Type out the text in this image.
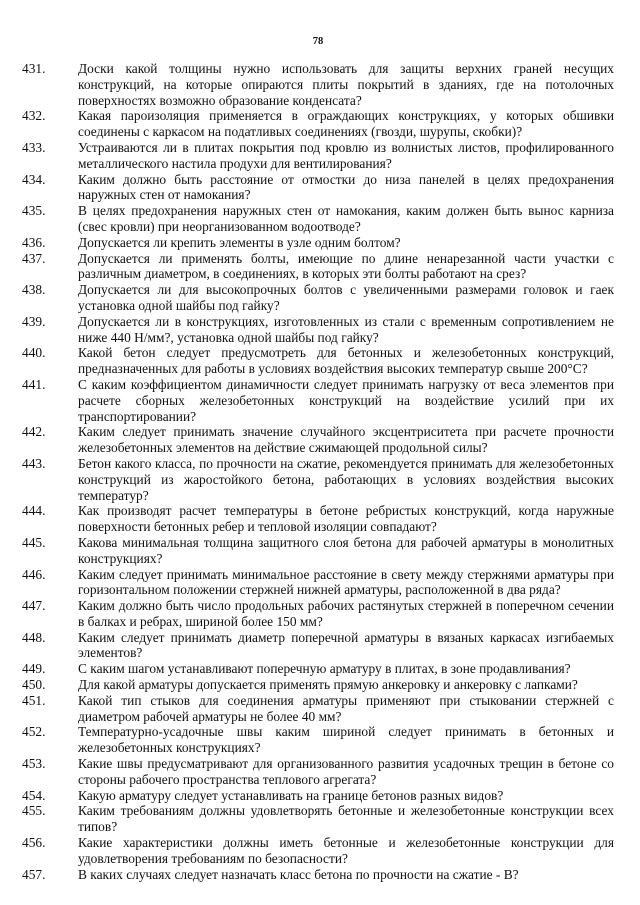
78
431.	Доски какой толщины нужно использовать для защиты верхних граней несущих конструкций, на которые опираются плиты покрытий в зданиях, где на потолочных поверхностях возможно образование конденсата?
432.	Какая пароизоляция применяется в ограждающих конструкциях, у которых обшивки соединены с каркасом на податливых соединениях (гвозди, шурупы, скобки)?
433.	Устраиваются ли в плитах покрытия под кровлю из волнистых листов, профилированного металлического настила продухи для вентилирования?
434.	Каким должно быть расстояние от отмостки до низа панелей в целях предохранения наружных стен от намокания?
435.	В целях предохранения наружных стен от намокания, каким должен быть вынос карниза (свес кровли) при неорганизованном водоотводе?
436.	Допускается ли крепить элементы в узле одним болтом?
437.	Допускается ли применять болты, имеющие по длине ненарезанной части участки с различным диаметром, в соединениях, в которых эти болты работают на срез?
438.	Допускается ли для высокопрочных болтов с увеличенными размерами головок и гаек установка одной шайбы под гайку?
439.	Допускается ли в конструкциях, изготовленных из стали с временным сопротивлением не ниже 440 Н/мм?, установка одной шайбы под гайку?
440.	Какой бетон следует предусмотреть для бетонных и железобетонных конструкций, предназначенных для работы в условиях воздействия высоких температур свыше 200°С?
441.	С каким коэффициентом динамичности следует принимать нагрузку от веса элементов при расчете сборных железобетонных конструкций на воздействие усилий при их транспортировании?
442.	Каким следует принимать значение случайного эксцентриситета при расчете прочности железобетонных элементов на действие сжимающей продольной силы?
443.	Бетон какого класса, по прочности на сжатие, рекомендуется принимать для железобетонных конструкций из жаростойкого бетона, работающих в условиях воздействия высоких температур?
444.	Как производят расчет температуры в бетоне ребристых конструкций, когда наружные поверхности бетонных ребер и тепловой изоляции совпадают?
445.	Какова минимальная толщина защитного слоя бетона для рабочей арматуры в монолитных конструкциях?
446.	Каким следует принимать минимальное расстояние в свету между стержнями арматуры при горизонтальном положении стержней нижней арматуры, расположенной в два ряда?
447.	Каким должно быть число продольных рабочих растянутых стержней в поперечном сечении в балках и ребрах, шириной более 150 мм?
448.	Каким следует принимать диаметр поперечной арматуры в вязаных каркасах изгибаемых элементов?
449.	С каким шагом устанавливают поперечную арматуру в плитах, в зоне продавливания?
450.	Для какой арматуры допускается применять прямую анкеровку и анкеровку с лапками?
451.	Какой тип стыков для соединения арматуры применяют при стыковании стержней с диаметром рабочей арматуры не более 40 мм?
452.	Температурно-усадочные швы каким шириной следует принимать в бетонных и железобетонных конструкциях?
453.	Какие швы предусматривают для организованного развития усадочных трещин в бетоне со стороны рабочего пространства теплового агрегата?
454.	Какую арматуру следует устанавливать на границе бетонов разных видов?
455.	Каким требованиям должны удовлетворять бетонные и железобетонные конструкции всех типов?
456.	Какие характеристики должны иметь бетонные и железобетонные конструкции для удовлетворения требованиям по безопасности?
457.	В каких случаях следует назначать класс бетона по прочности на сжатие - В?
